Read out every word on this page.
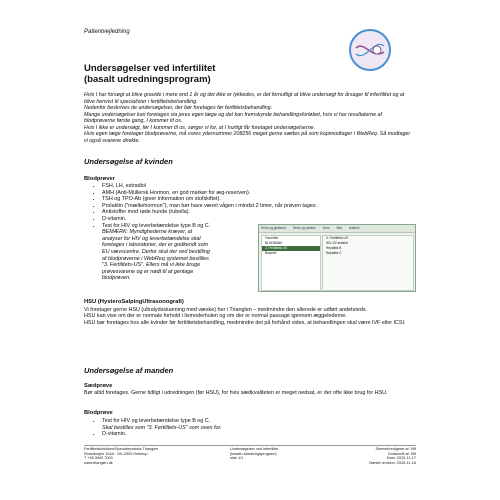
Patientvejledning
Undersøgelser ved infertilitet
(basalt udredningsprogram)

Hvis I har forsøgt at blive gravide i mere end 1 år og det ikke er lykkedes, er det fornuftigt at blive undersøgt for årsager til infertilitet og at blive henvist til specialister i fertilitetsbehandling.

Nedenfor beskrives de undersøgelser, der bør foretages før fertilitetsbehandling.

Mange undersøgelser kan foretages via jeres egen læge og det kan fremskynde behandlingsforløbet, hvis vi har resultaterne af blodprøverne første gang, I kommer til os.

Hvis I ikke er undersøgt, før I kommer til os, sørger vi for, at I hurtigt får foretaget undersøgelserne.

Hvis egen læge foretager blodprøverne, må vores ydernummer 208256 meget gerne sættes på som kopimodtager i WebReq. Så modtager vi også svarene direkte.

Undersøgelse af kvinden
Blodprøver
• FSH, LH, estradiol
• AMH (Anti-Müllersk Hormon, en god markør for æg-reserven).
• TSH og TPO-Ab (giver information om stofskiftet).
• Prolaktin ("mælkehormon"), man bør have været vågen i mindst 2 timer, når prøven tages.
• Antistoffer mod røde hunde (rubella).
• D-vitamin.
• Test for HIV og leverbetændelse type B og C.
BEMÆRK: Myndighederne kræver, at
analyser for HIV og leverbetændelse skal
foretages i laboratorier, der er godkendt som
EU vævscentre. Derfor skal der ved bestilling
af blodprøverne i WebReq systemet bestilles
"3. Fertilitets-US". Ellers må vi ikke bruge
prøvesvarene og er nødt til at gentage
blodprøven.
Send og godkend Send og udskriv Gem Slet Udskriv
Favoritter
BLODBANK
3. Fertilitets-US
Biokemi
3. Fertilitets-US
HIV-1/2 antistof
Hepatitis B
Hepatitis C
HSU (HysteroSalpingUltrasonografi)

Vi foretager gerne HSU (ultralydsskanning med væske) her i Trianglen – medmindre den allerede er udført andetsteds.

HSU kan vise om der er normale forhold i livmoderhulen og om der er normal passage igennem æggelederne.

HSU bør foretages hos alle kvinder før fertilitetsbehandling, medmindre det på forhånd vides, at behandlingen skal være IVF eller ICSI.

Undersøgelse af manden
Sædprøve
Bør altid foretages. Gerne tidligt i udredningen (før HSU), for hvis sædkvaliteten er meget nedsat, er der ofte ikke brug for HSU.
Blodprøve
• Test for HIV og leverbetændelse type B og C.
Skal bestilles som "3. Fertilitets-US" som oven for.
• D-vitamin.
Fertilitetsklinikken/Specialepraksis Trianglen
Strandvejen 104A · DK-2900 Hellerup
T +45 3940 7000
www.trianglen.dk
Undersøgelser ved infertilitet
(basalt udredningsprogram)
side 1/1
Skrevet/redigeret af: HB
Godkendt af: HB
Dato: 2023-11-17
Næste revision: 2026-11-16
